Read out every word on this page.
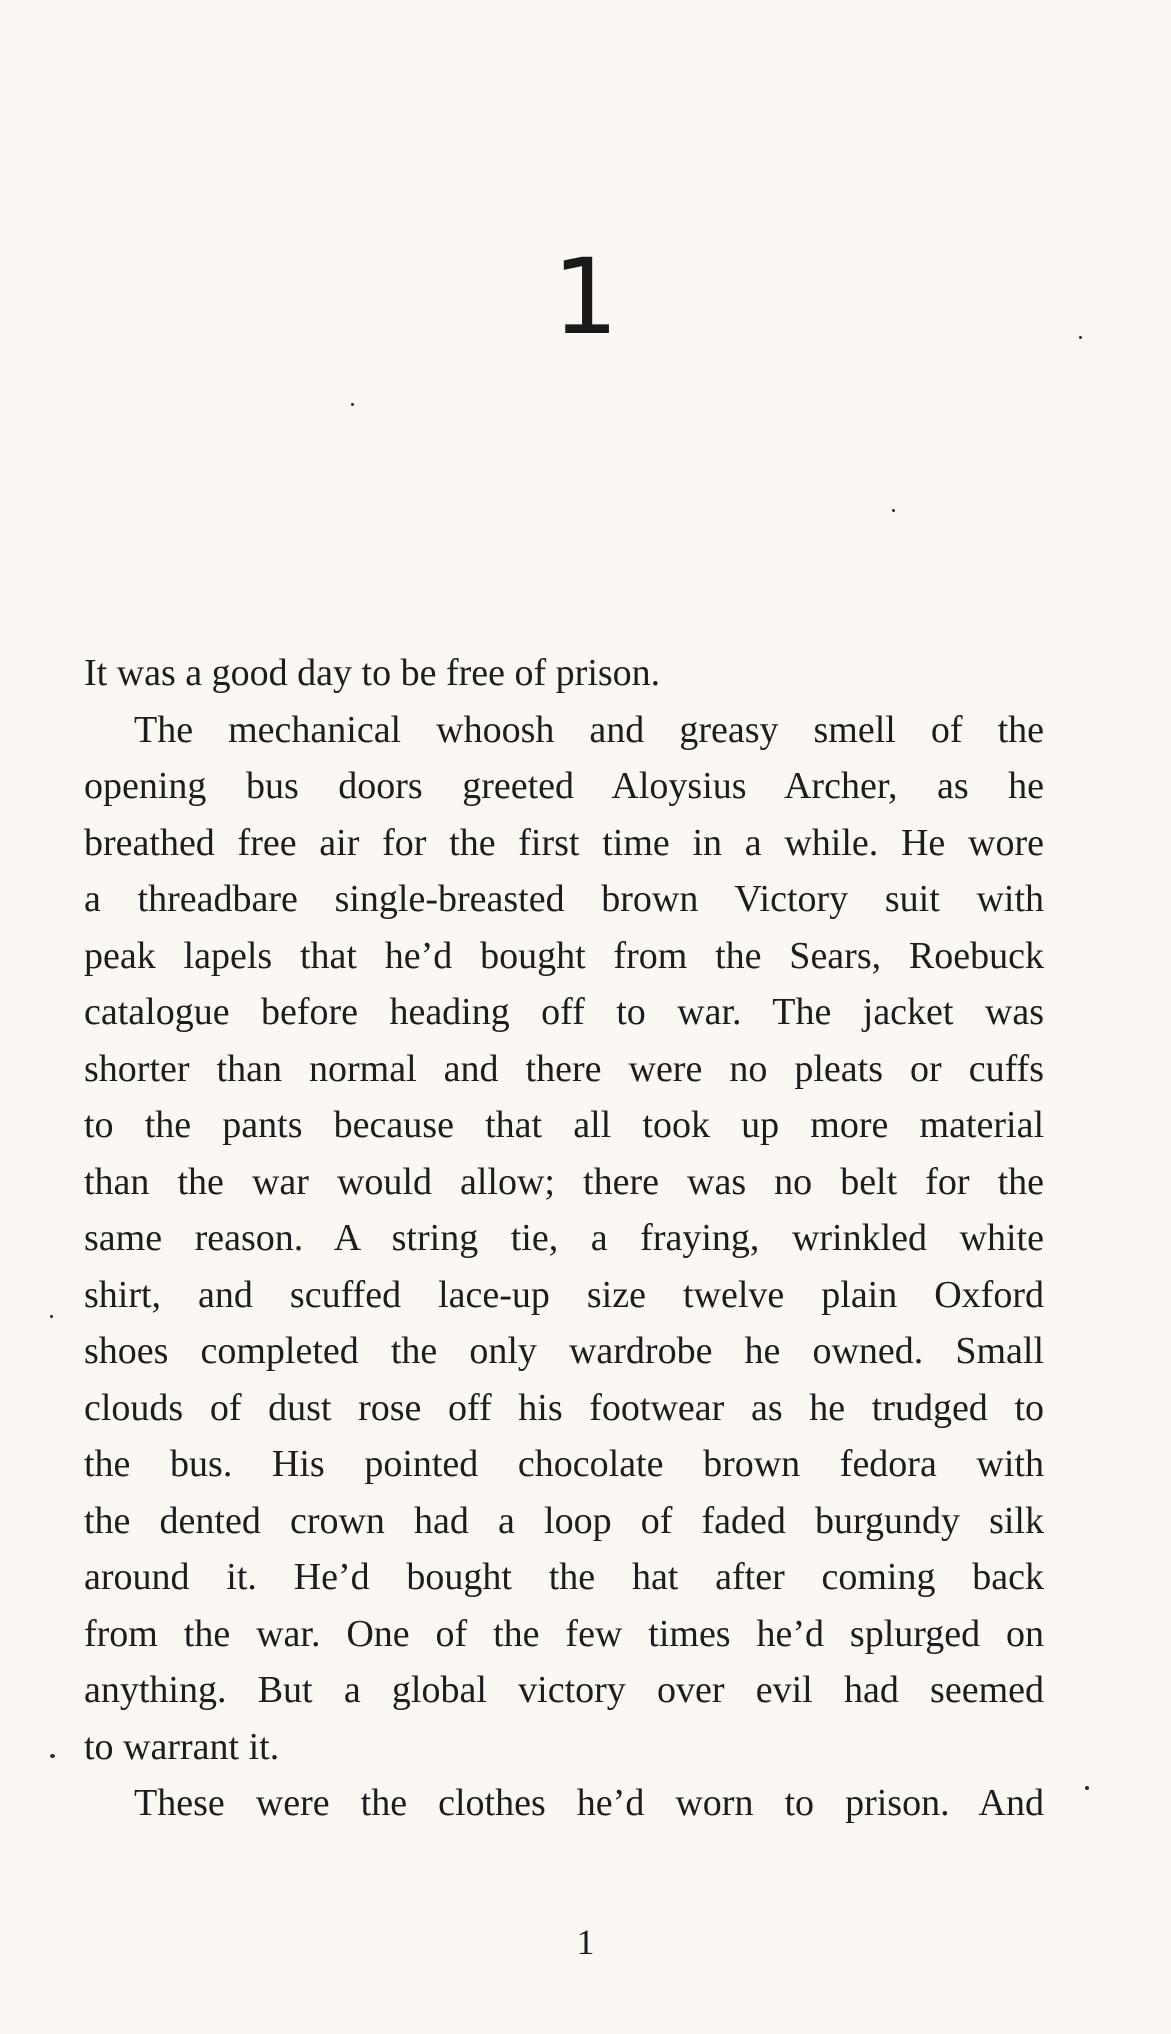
1
It was a good day to be free of prison.
The mechanical whoosh and greasy smell of the
opening bus doors greeted Aloysius Archer, as he
breathed free air for the first time in a while. He wore
a threadbare single-breasted brown Victory suit with
peak lapels that he’d bought from the Sears, Roebuck
catalogue before heading off to war. The jacket was
shorter than normal and there were no pleats or cuffs
to the pants because that all took up more material
than the war would allow; there was no belt for the
same reason. A string tie, a fraying, wrinkled white
shirt, and scuffed lace-up size twelve plain Oxford
shoes completed the only wardrobe he owned. Small
clouds of dust rose off his footwear as he trudged to
the bus. His pointed chocolate brown fedora with
the dented crown had a loop of faded burgundy silk
around it. He’d bought the hat after coming back
from the war. One of the few times he’d splurged on
anything. But a global victory over evil had seemed
to warrant it.
These were the clothes he’d worn to prison. And
1
